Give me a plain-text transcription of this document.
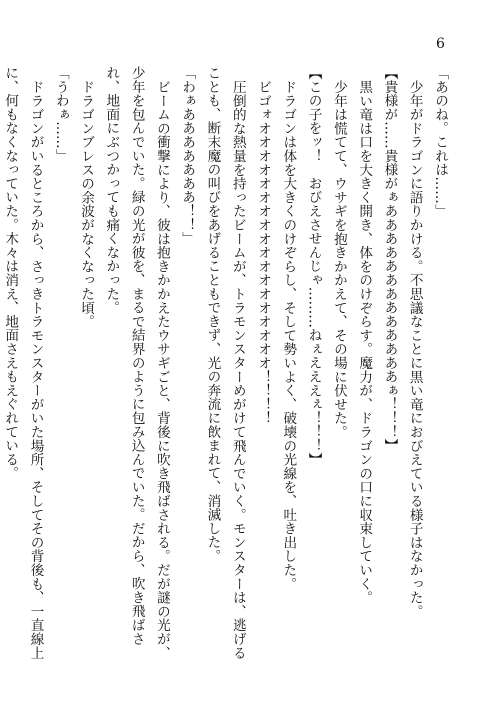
6

「あのね。これは……」

少年がドラゴンに語りかける。不思議なことに黒い竜におびえている様子はなかった。

【貴様が……貴様がぁあああああああああああああぁ！！！】

黒い竜は口を大きく開き、体をのけぞらす。魔力が、ドラゴンの口に収束していく。

少年は慌てて、ウサギを抱きかかえて、その場に伏せた。

【この子をッ！　おびえさせんじゃ………ねぇえええぇ！！！】

ドラゴンは体を大きくのけぞらし、そして勢いよく、破壊の光線を、吐き出した。

ビゴォオオオオオオオオオオオオオオオオオオ！！！！

圧倒的な熱量を持ったビームが、トラモンスターめがけて飛んでいく。モンスターは、逃げることも、断末魔の叫びをあげることもできず、光の奔流に飲まれて、消滅した。

「わぁあああああああ！！」

ビームの衝撃により、彼は抱きかかえたウサギごと、背後に吹き飛ばされる。だが謎の光が、少年を包んでいた。緑の光が彼を、まるで結界のように包み込んでいた。だから、吹き飛ばされ、地面にぶつかっても痛くなかった。

ドラゴンブレスの余波がなくなった頃。

「うわぁ……」

ドラゴンがいるところから、さっきトラモンスターがいた場所、そしてその背後も、一直線上に、何もなくなっていた。木々は消え、地面さえもえぐれている。
